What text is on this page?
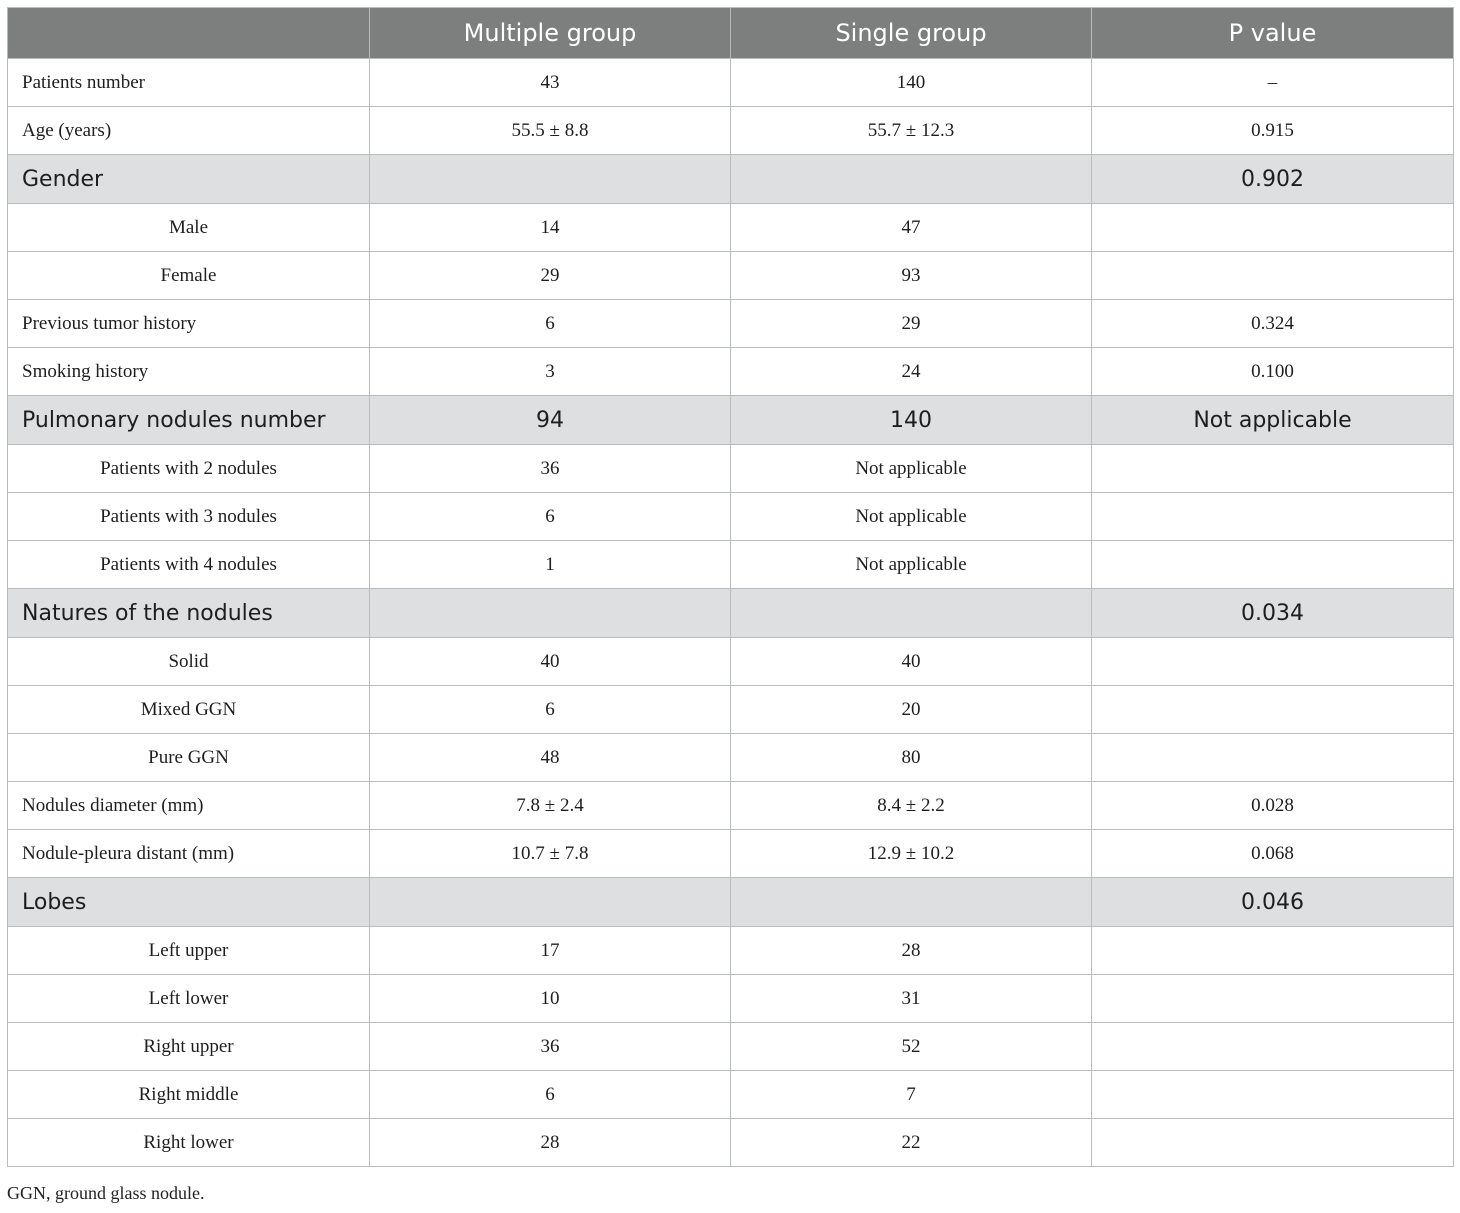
	Multiple group	Single group	P value
Patients number	43	140	–
Age (years)	55.5 ± 8.8	55.7 ± 12.3	0.915
Gender			0.902
Male	14	47	
Female	29	93	
Previous tumor history	6	29	0.324
Smoking history	3	24	0.100
Pulmonary nodules number	94	140	Not applicable
Patients with 2 nodules	36	Not applicable	
Patients with 3 nodules	6	Not applicable	
Patients with 4 nodules	1	Not applicable	
Natures of the nodules			0.034
Solid	40	40	
Mixed GGN	6	20	
Pure GGN	48	80	
Nodules diameter (mm)	7.8 ± 2.4	8.4 ± 2.2	0.028
Nodule-pleura distant (mm)	10.7 ± 7.8	12.9 ± 10.2	0.068
Lobes			0.046
Left upper	17	28	
Left lower	10	31	
Right upper	36	52	
Right middle	6	7	
Right lower	28	22	
GGN, ground glass nodule.
